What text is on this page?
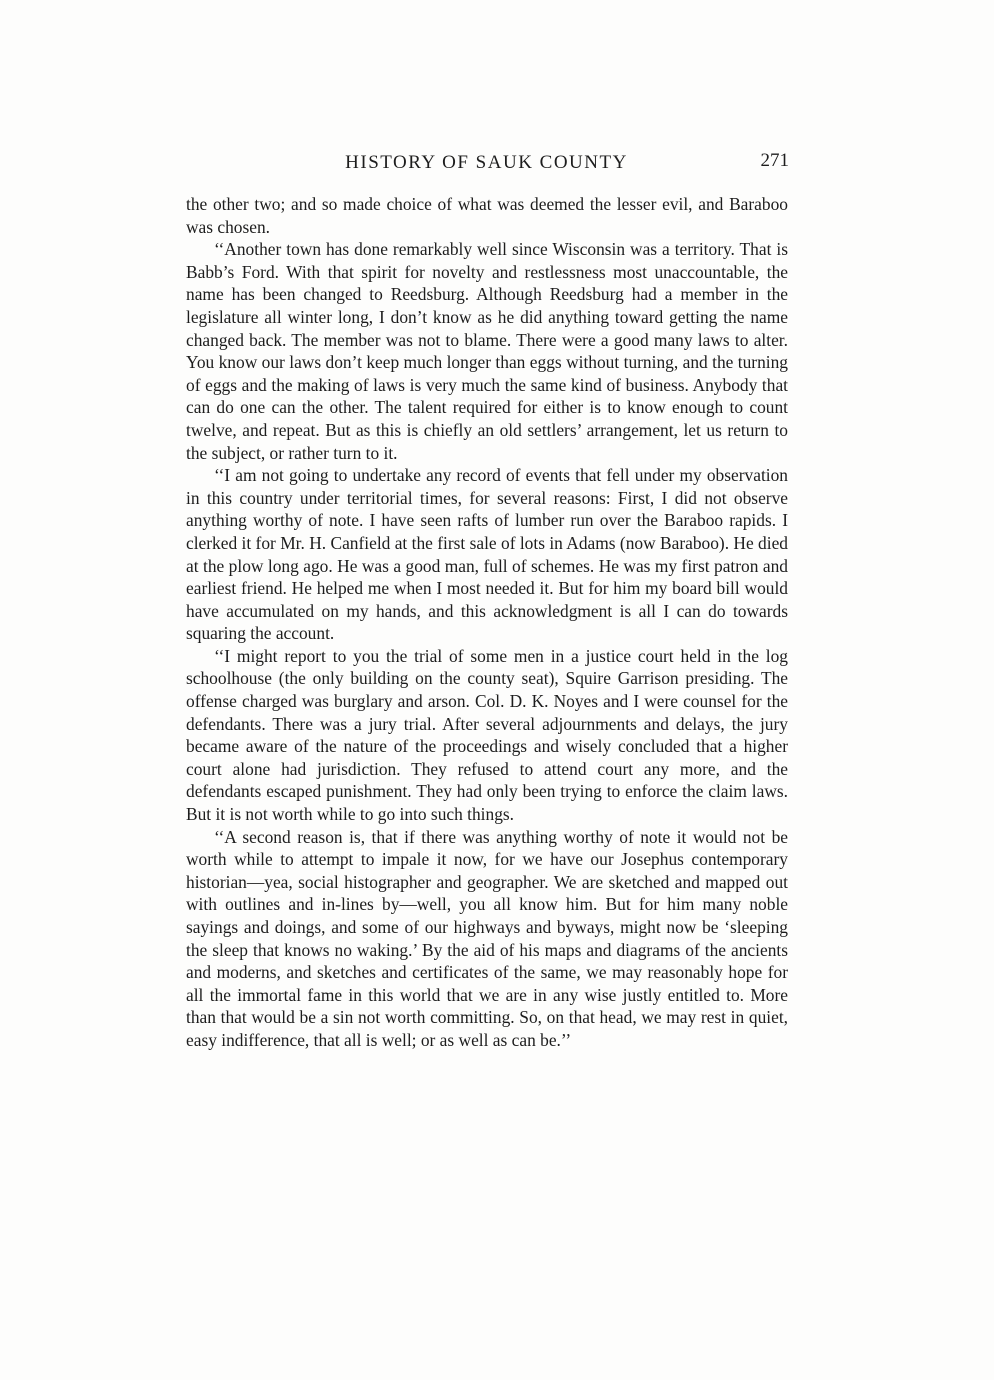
HISTORY OF SAUK COUNTY	271

the other two; and so made choice of what was deemed the lesser evil, and Baraboo was chosen.

‘‘Another town has done remarkably well since Wisconsin was a territory. That is Babb’s Ford. With that spirit for novelty and restlessness most unaccountable, the name has been changed to Reedsburg. Although Reedsburg had a member in the legislature all winter long, I don’t know as he did anything toward getting the name changed back. The member was not to blame. There were a good many laws to alter. You know our laws don’t keep much longer than eggs without turning, and the turning of eggs and the making of laws is very much the same kind of business. Anybody that can do one can the other. The talent required for either is to know enough to count twelve, and repeat. But as this is chiefly an old settlers’ arrangement, let us return to the subject, or rather turn to it.

‘‘I am not going to undertake any record of events that fell under my observation in this country under territorial times, for several reasons: First, I did not observe anything worthy of note. I have seen rafts of lumber run over the Baraboo rapids. I clerked it for Mr. H. Canfield at the first sale of lots in Adams (now Baraboo). He died at the plow long ago. He was a good man, full of schemes. He was my first patron and earliest friend. He helped me when I most needed it. But for him my board bill would have accumulated on my hands, and this acknowledgment is all I can do towards squaring the account.

‘‘I might report to you the trial of some men in a justice court held in the log schoolhouse (the only building on the county seat), Squire Garrison presiding. The offense charged was burglary and arson. Col. D. K. Noyes and I were counsel for the defendants. There was a jury trial. After several adjournments and delays, the jury became aware of the nature of the proceedings and wisely concluded that a higher court alone had jurisdiction. They refused to attend court any more, and the defendants escaped punishment. They had only been trying to enforce the claim laws. But it is not worth while to go into such things.

‘‘A second reason is, that if there was anything worthy of note it would not be worth while to attempt to impale it now, for we have our Josephus contemporary historian—yea, social histographer and geographer. We are sketched and mapped out with outlines and in-lines by—well, you all know him. But for him many noble sayings and doings, and some of our highways and byways, might now be ‘sleeping the sleep that knows no waking.’ By the aid of his maps and diagrams of the ancients and moderns, and sketches and certificates of the same, we may reasonably hope for all the immortal fame in this world that we are in any wise justly entitled to. More than that would be a sin not worth committing. So, on that head, we may rest in quiet, easy indifference, that all is well; or as well as can be.’’
